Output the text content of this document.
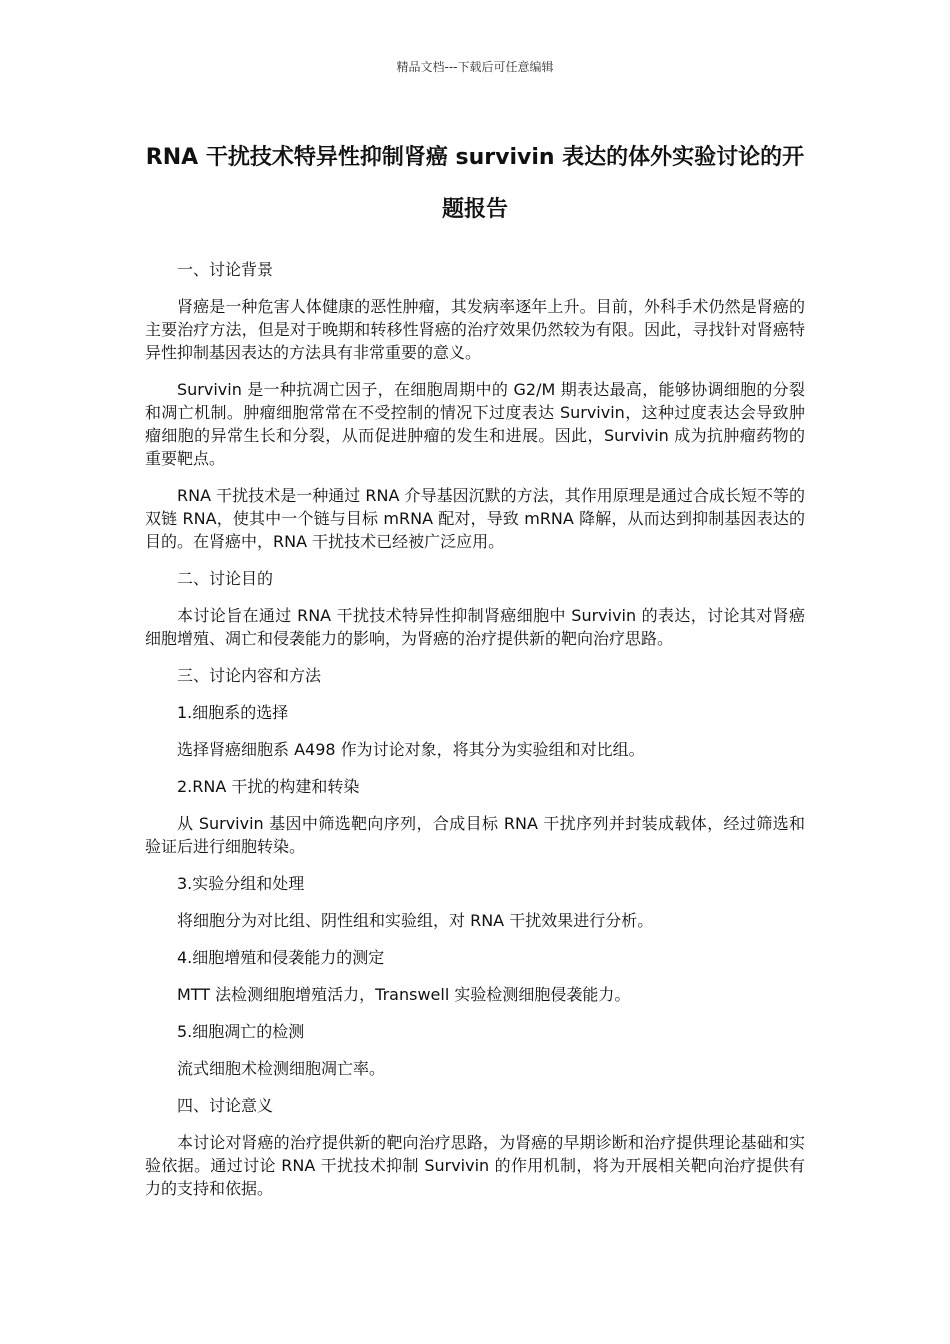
精品文档---下载后可任意编辑
RNA 干扰技术特异性抑制肾癌 survivin 表达的体外实验讨论的开题报告

一、讨论背景

肾癌是一种危害人体健康的恶性肿瘤，其发病率逐年上升。目前，外科手术仍然是肾癌的主要治疗方法，但是对于晚期和转移性肾癌的治疗效果仍然较为有限。因此，寻找针对肾癌特异性抑制基因表达的方法具有非常重要的意义。

Survivin 是一种抗凋亡因子，在细胞周期中的 G2/M 期表达最高，能够协调细胞的分裂和凋亡机制。肿瘤细胞常常在不受控制的情况下过度表达 Survivin，这种过度表达会导致肿瘤细胞的异常生长和分裂，从而促进肿瘤的发生和进展。因此，Survivin 成为抗肿瘤药物的重要靶点。

RNA 干扰技术是一种通过 RNA 介导基因沉默的方法，其作用原理是通过合成长短不等的双链 RNA，使其中一个链与目标 mRNA 配对，导致 mRNA 降解，从而达到抑制基因表达的目的。在肾癌中，RNA 干扰技术已经被广泛应用。

二、讨论目的

本讨论旨在通过 RNA 干扰技术特异性抑制肾癌细胞中 Survivin 的表达，讨论其对肾癌细胞增殖、凋亡和侵袭能力的影响，为肾癌的治疗提供新的靶向治疗思路。

三、讨论内容和方法

1.细胞系的选择

选择肾癌细胞系 A498 作为讨论对象，将其分为实验组和对比组。

2.RNA 干扰的构建和转染

从 Survivin 基因中筛选靶向序列，合成目标 RNA 干扰序列并封装成载体，经过筛选和验证后进行细胞转染。

3.实验分组和处理

将细胞分为对比组、阴性组和实验组，对 RNA 干扰效果进行分析。

4.细胞增殖和侵袭能力的测定

MTT 法检测细胞增殖活力，Transwell 实验检测细胞侵袭能力。

5.细胞凋亡的检测

流式细胞术检测细胞凋亡率。

四、讨论意义

本讨论对肾癌的治疗提供新的靶向治疗思路，为肾癌的早期诊断和治疗提供理论基础和实验依据。通过讨论 RNA 干扰技术抑制 Survivin 的作用机制，将为开展相关靶向治疗提供有力的支持和依据。
